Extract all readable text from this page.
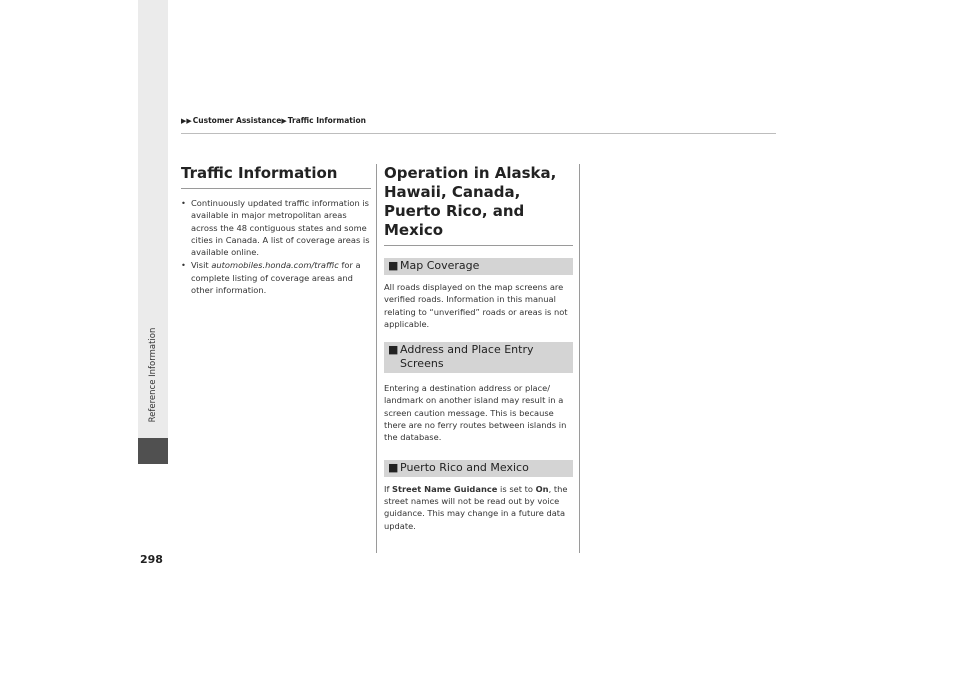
Reference Information
298
▶▶ Customer Assistance ▶ Traffic Information
Traffic Information
• Continuously updated traffic information is available in major metropolitan areas across the 48 contiguous states and some cities in Canada. A list of coverage areas is available online.
• Visit automobiles.honda.com/traffic for a complete listing of coverage areas and other information.
Operation in Alaska, Hawaii, Canada, Puerto Rico, and Mexico
■ Map Coverage
All roads displayed on the map screens are verified roads. Information in this manual relating to “unverified” roads or areas is not applicable.
■ Address and Place Entry Screens
Entering a destination address or place/ landmark on another island may result in a screen caution message. This is because there are no ferry routes between islands in the database.
■ Puerto Rico and Mexico
If Street Name Guidance is set to On, the street names will not be read out by voice guidance. This may change in a future data update.
